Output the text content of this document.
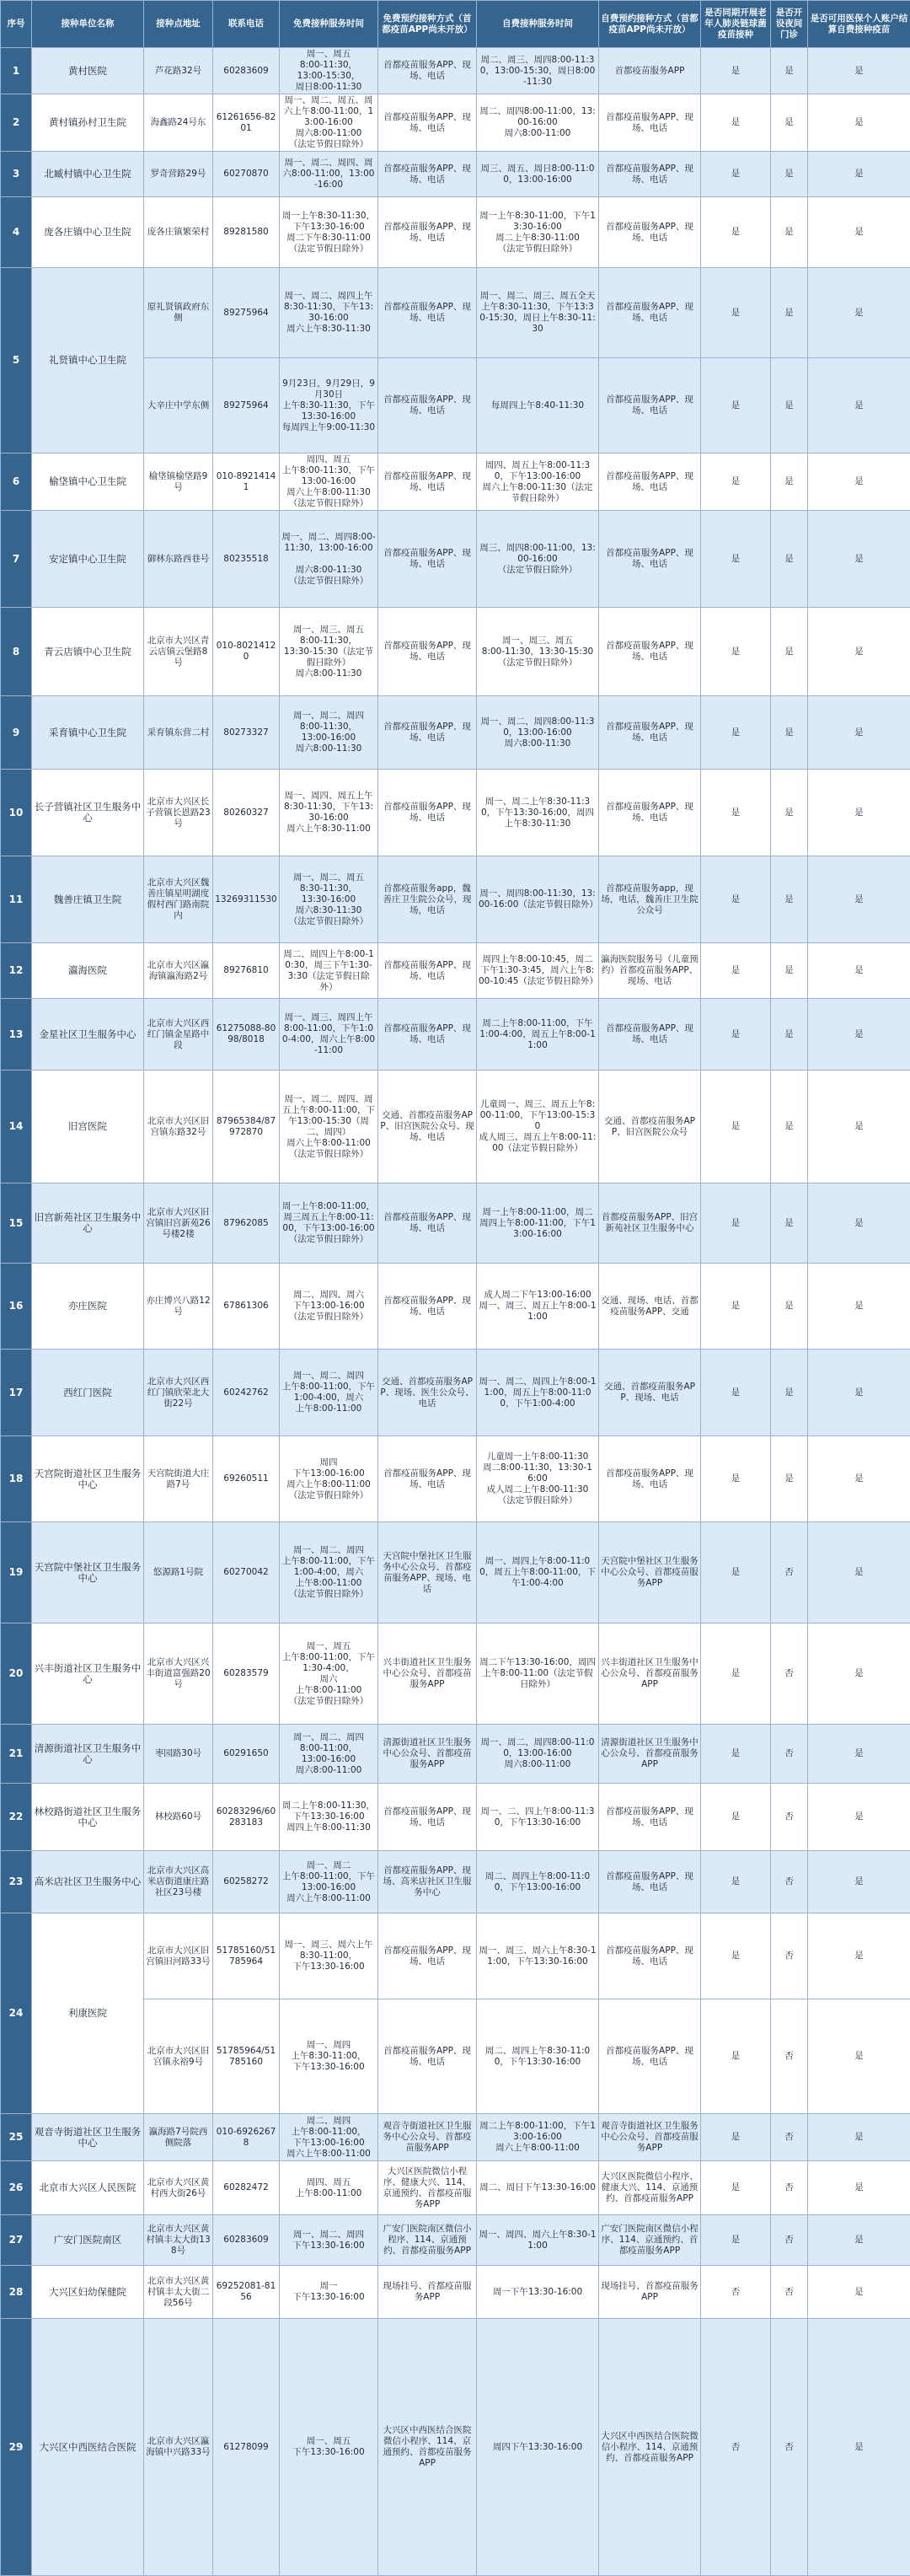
序号	接种单位名称	接种点地址	联系电话	免费接种服务时间	免费预约接种方式（首都疫苗APP尚未开放）	自费接种服务时间	自费预约接种方式（首都疫苗APP尚未开放）	是否同期开展老年人肺炎链球菌疫苗接种	是否开设夜间门诊	是否可用医保个人账户结算自费接种疫苗
1	黄村医院	芦花路32号	60283609	周一、周五
8:00-11:30，
13:00-15:30，
周日8:00-11:30	首都疫苗服务APP、现场、电话	周二、周三、周四8:00-11:30，13:00-15:30，周日8:00-11:30	首都疫苗服务APP	是	是	是
2	黄村镇孙村卫生院	海鑫路24号东	61261656-8201	周一、周二、周五、周六上午8:00-11:00，13:00-16:00
周六8:00-11:00
（法定节假日除外）	首都疫苗服务APP、现场、电话	周二、周四8:00-11:00，13:00-16:00
周六8:00-11:00	首都疫苗服务APP、现场、电话	是	是	是
3	北臧村镇中心卫生院	罗奇营路29号	60270870	周一、周二、周四、周六8:00-11:00，13:00-16:00	首都疫苗服务APP、现场、电话	周三、周五、周日8:00-11:00，13:00-16:00	首都疫苗服务APP、现场、电话	是	是	是
4	庞各庄镇中心卫生院	庞各庄镇繁荣村	89281580	周一上午8:30-11:30，下午13:30-16:00
周二下午8:30-11:00
（法定节假日除外）	首都疫苗服务APP、现场、电话	周一上午8:30-11:00，下午13:30-16:00
周二上午8:30-11:00
（法定节假日除外）	首都疫苗服务APP、现场、电话	是	是	是
5	礼贤镇中心卫生院	原礼贤镇政府东侧	89275964	周一、周二、周四上午8:30-11:30，下午13:30-16:00
周六上午8:30-11:30	首都疫苗服务APP、现场、电话	周一、周二、周三、周五全天上午8:30-11:30，下午13:30-15:30，周日上午8:30-11:30	首都疫苗服务APP、现场、电话	是	是	是
		大辛庄中学东侧	89275964	9月23日，9月29日，9月30日
上午8:30-11:30，下午13:30-16:00
每周四上午9:00-11:30	首都疫苗服务APP、现场、电话	每周四上午8:40-11:30	首都疫苗服务APP、现场、电话	是	是	是
6	榆垡镇中心卫生院	榆垡镇榆垡路9号	010-89214141	周四、周五
上午8:00-11:30，下午13:00-16:00
周六上午8:00-11:30（法定节假日除外）	首都疫苗服务APP、现场、电话	周四、周五上午8:00-11:30，下午13:00-16:00
周六上午8:00-11:30（法定节假日除外）	首都疫苗服务APP、现场、电话	是	是	是
7	安定镇中心卫生院	御林东路西巷号	80235518	周一、周二、周四8:00-11:30，13:00-16:00

周六8:00-11:30
（法定节假日除外）	首都疫苗服务APP、现场、电话	周三、周四8:00-11:00，13:00-16:00
（法定节假日除外）	首都疫苗服务APP、现场、电话	是	是	是
8	青云店镇中心卫生院	北京市大兴区青云店镇云堡路8号	010-80214120	周一、周三、周五
8:00-11:30，
13:30-15:30（法定节假日除外）
周六8:00-11:30	首都疫苗服务APP、现场、电话	周一、周三、周五
8:00-11:30，13:30-15:30（法定节假日除外）	首都疫苗服务APP、现场、电话	是	是	是
9	采育镇中心卫生院	采育镇东营二村	80273327	周一、周二、周四
8:00-11:30，
13:00-16:00
周六8:00-11:30	首都疫苗服务APP、现场、电话	周一、周二、周四8:00-11:30，13:00-16:00
周六8:00-11:30	首都疫苗服务APP、现场、电话	是	是	是
10	长子营镇社区卫生服务中心	北京市大兴区长子营镇长恩路23号	80260327	周一、周四、周五上午8:30-11:30，下午13:30-16:00
周六上午8:30-11:00	首都疫苗服务APP、现场、电话	周一、周二上午8:30-11:30，下午13:30-16:00，周四上午8:30-11:30	首都疫苗服务APP、现场、电话	是	是	是
11	魏善庄镇卫生院	北京市大兴区魏善庄镇星明湖度假村西门路南院内	13269311530	周一、周二、周五
8:30-11:30，
13:30-16:00
周六8:30-11:30
（法定节假日除外）	首都疫苗服务app，魏善庄卫生院公众号，现场，电话	周一、周四8:00-11:30，13:00-16:00（法定节假日除外）	首都疫苗服务app，现场，电话，魏善庄卫生院公众号	是	是	是
12	瀛海医院	北京市大兴区瀛海镇瀛海路2号	89276810	周二、周四上午8:00-10:30，周三下午1:30-3:30（法定节假日除外）	首都疫苗服务APP、现场、电话	周四上午8:00-10:45，周二下午1:30-3:45，周六上午8:00-10:45（法定节假日除外）	瀛海医院服务号（儿童预约）首都疫苗服务APP、现场、电话	是	是	是
13	金星社区卫生服务中心	北京市大兴区西红门镇金星路中段	61275088-8098/8018	周一、周三、周四上午8:00-11:00，下午1:00-4:00，周六上午8:00-11:00	首都疫苗服务APP、现场、电话	周二上午8:00-11:00，下午1:00-4:00，周五上午8:00-11:00	首都疫苗服务APP、现场、电话	是	是	是
14	旧宫医院	北京市大兴区旧宫镇东路32号	87965384/87972870	周一、周二、周四、周五上午8:00-11:00，下午13:00-15:30（周二、周四）
周六上午8:00-11:00（法定节假日除外）	交通、首都疫苗服务APP、旧宫医院公众号、现场、电话	儿童周一、周三、周五上午8:00-11:00，下午13:00-15:30
成人周三、周五上午8:00-11:00（法定节假日除外）	交通、首都疫苗服务APP、旧宫医院公众号	是	是	是
15	旧宫新苑社区卫生服务中心	北京市大兴区旧宫镇旧宫新苑26号楼2楼	87962085	周一上午8:00-11:00，
周三周五上午8:00-11:00，下午13:00-16:00
（法定节假日除外）	首都疫苗服务APP、现场、电话	周一上午8:00-11:00，周二周四上午8:00-11:00，下午13:00-16:00	首都疫苗服务APP、旧宫新苑社区卫生服务中心	是	是	是
16	亦庄医院	亦庄博兴八路12号	67861306	周二、周四、周六
下午13:00-16:00
（法定节假日除外）	首都疫苗服务APP、现场、电话	成人周二下午13:00-16:00
周一、周三、周五上午8:00-11:00	交通、现场、电话、首都疫苗服务APP、交通	是	是	是
17	西红门医院	北京市大兴区西红门镇欣荣北大街22号	60242762	周一、周二、周四
上午8:00-11:00，下午1:00-4:00，周六
上午8:00-11:00	交通、首都疫苗服务APP、现场、医生公众号、电话	周一、周二、周四上午8:00-11:00，周五上午8:00-11:00，下午1:00-4:00	交通、首都疫苗服务APP、现场、电话	是	是	是
18	天宫院街道社区卫生服务中心	天宫院街道大庄路7号	69260511	周四
下午13:00-16:00
周六上午8:00-11:00（法定节假日除外）	首都疫苗服务APP、现场、电话	儿童周一上午8:00-11:30
周二8:00-11:30，13:30-16:00
成人周二上午8:00-11:30（法定节假日除外）	首都疫苗服务APP、现场、电话	是	是	是
19	天宫院中堡社区卫生服务中心	悠源路1号院	60270042	周一、周二、周四
上午8:00-11:00，下午1:00-4:00，周六
上午8:00-11:00
（法定节假日除外）	天宫院中堡社区卫生服务中心公众号、首都疫苗服务APP、现场、电话	周一、周四上午8:00-11:00，周五上午8:00-11:00，下午1:00-4:00	天宫院中堡社区卫生服务中心公众号、首都疫苗服务APP	是	否	是
20	兴丰街道社区卫生服务中心	北京市大兴区兴丰街道富强路20号	60283579	周一、周五
上午8:00-11:00，下午1:30-4:00，
周六
上午8:00-11:00
（法定节假日除外）	兴丰街道社区卫生服务中心公众号、首都疫苗服务APP	周二下午13:30-16:00，周四上午8:00-11:00（法定节假日除外）	兴丰街道社区卫生服务中心公众号、首都疫苗服务APP	是	否	是
21	清源街道社区卫生服务中心	枣园路30号	60291650	周一、周二、周四
8:00-11:00，
13:00-16:00
周六8:00-11:00	清源街道社区卫生服务中心公众号、首都疫苗服务APP	周一、周二、周四8:00-11:00，13:00-16:00
周六8:00-11:00	清源街道社区卫生服务中心公众号、首都疫苗服务APP	是	否	是
22	林校路街道社区卫生服务中心	林校路60号	60283296/60283183	周二上午8:00-11:30，
下午13:30-16:00
周四上午8:00-11:30	首都疫苗服务APP、现场、电话	周一、二、四上午8:00-11:30，下午13:30-16:00	首都疫苗服务APP、现场、电话	是	否	是
23	高米店社区卫生服务中心	北京市大兴区高米店街道康庄路社区23号楼	60258272	周一、周二
上午8:00-11:00，下午13:00-16:00
周六上午8:00-11:00	首都疫苗服务APP、现场、高米店社区卫生服务中心	周二、周四上午8:00-11:00，下午13:00-16:00	首都疫苗服务APP、现场、电话	是	否	是
24	利康医院	北京市大兴区旧宫镇旧河路33号	51785160/51785964	周一、周三、周六上午8:30-11:00，
下午13:30-16:00	首都疫苗服务APP、现场、电话	周一、周三、周六上午8:30-11:00，下午13:30-16:00	首都疫苗服务APP、现场、电话	是	否	是
		北京市大兴区旧宫镇永裕9号	51785964/51785160	周一、周四
上午8:30-11:00，
下午13:30-16:00	首都疫苗服务APP、现场、电话	周二、周四上午8:30-11:00，下午13:30-16:00	首都疫苗服务APP、现场、电话	是	否	是
25	观音寺街道社区卫生服务中心	瀛海路7号院西侧院落	010-69262678	周二、周四
上午8:00-11:00，
下午13:00-16:00
周六上午8:00-11:00	观音寺街道社区卫生服务中心公众号、首都疫苗服务APP	周二上午8:00-11:00，下午13:00-16:00
周六上午8:00-11:00	观音寺街道社区卫生服务中心公众号、首都疫苗服务APP	是	否	是
26	北京市大兴区人民医院	北京市大兴区黄村西大街26号	60282472	周四、周五
上午8:00-11:00	大兴区医院微信小程序、健康大兴、114、京通预约、首都疫苗服务APP	周二、周日下午13:30-16:00	大兴区医院微信小程序、健康大兴、114、京通预约、首都疫苗服务APP	是	否	是
27	广安门医院南区	北京市大兴区黄村镇丰太大街138号	60283609	周一、周二、周四
下午13:30-16:00	广安门医院南区微信小程序、114、京通预约、首都疫苗服务APP	周一、周四、周六上午8:30-11:00	广安门医院南区微信小程序、114、京通预约、首都疫苗服务APP	是	否	是
28	大兴区妇幼保健院	北京市大兴区黄村镇丰太大街二段56号	69252081-8156	周一
下午13:30-16:00	现场挂号、首都疫苗服务APP	周一下午13:30-16:00	现场挂号、首都疫苗服务APP	否	否	是
29	大兴区中西医结合医院	北京市大兴区瀛海镇中兴路33号	61278099	周一、周五
下午13:30-16:00	大兴区中西医结合医院微信小程序、114、京通预约、首都疫苗服务APP	周四下午13:30-16:00	大兴区中西医结合医院微信小程序、114、京通预约、首都疫苗服务APP	否	否	是
